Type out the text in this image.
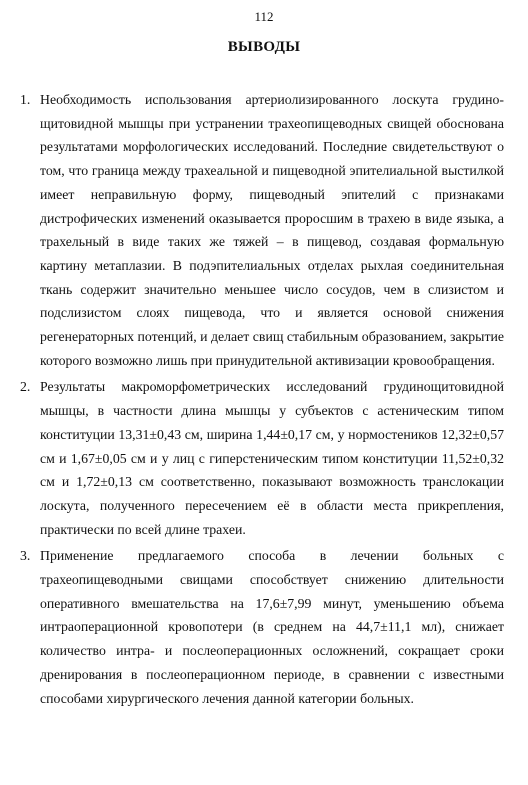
112
ВЫВОДЫ
1. Необходимость использования артериолизированного лоскута грудино-щитовидной мышцы при устранении трахеопищеводных свищей обоснована результатами морфологических исследований. Последние свидетельствуют о том, что граница между трахеальной и пищеводной эпителиальной выстилкой имеет неправильную форму, пищеводный эпителий с признаками дистрофических изменений оказывается проросшим в трахею в виде языка, а трахельный в виде таких же тяжей – в пищевод, создавая формальную картину метаплазии. В подэпителиальных отделах рыхлая соединительная ткань содержит значительно меньшее число сосудов, чем в слизистом и подслизистом слоях пищевода, что и является основой снижения регенераторных потенций, и делает свищ стабильным образованием, закрытие которого возможно лишь при принудительной активизации кровообращения.
2. Результаты макроморфометрических исследований грудинощитовидной мышцы, в частности длина мышцы у субъектов с астеническим типом конституции 13,31±0,43 см, ширина 1,44±0,17 см, у нормостеников 12,32±0,57 см и 1,67±0,05 см и у лиц с гиперстеническим типом конституции 11,52±0,32 см и 1,72±0,13 см соответственно, показывают возможность транслокации лоскута, полученного пересечением её в области места прикрепления, практически по всей длине трахеи.
3. Применение предлагаемого способа в лечении больных с трахеопищеводными свищами способствует снижению длительности оперативного вмешательства на 17,6±7,99 минут, уменьшению объема интраоперационной кровопотери (в среднем на 44,7±11,1 мл), снижает количество интра- и послеоперационных осложнений, сокращает сроки дренирования в послеоперационном периоде, в сравнении с известными способами хирургического лечения данной категории больных.
